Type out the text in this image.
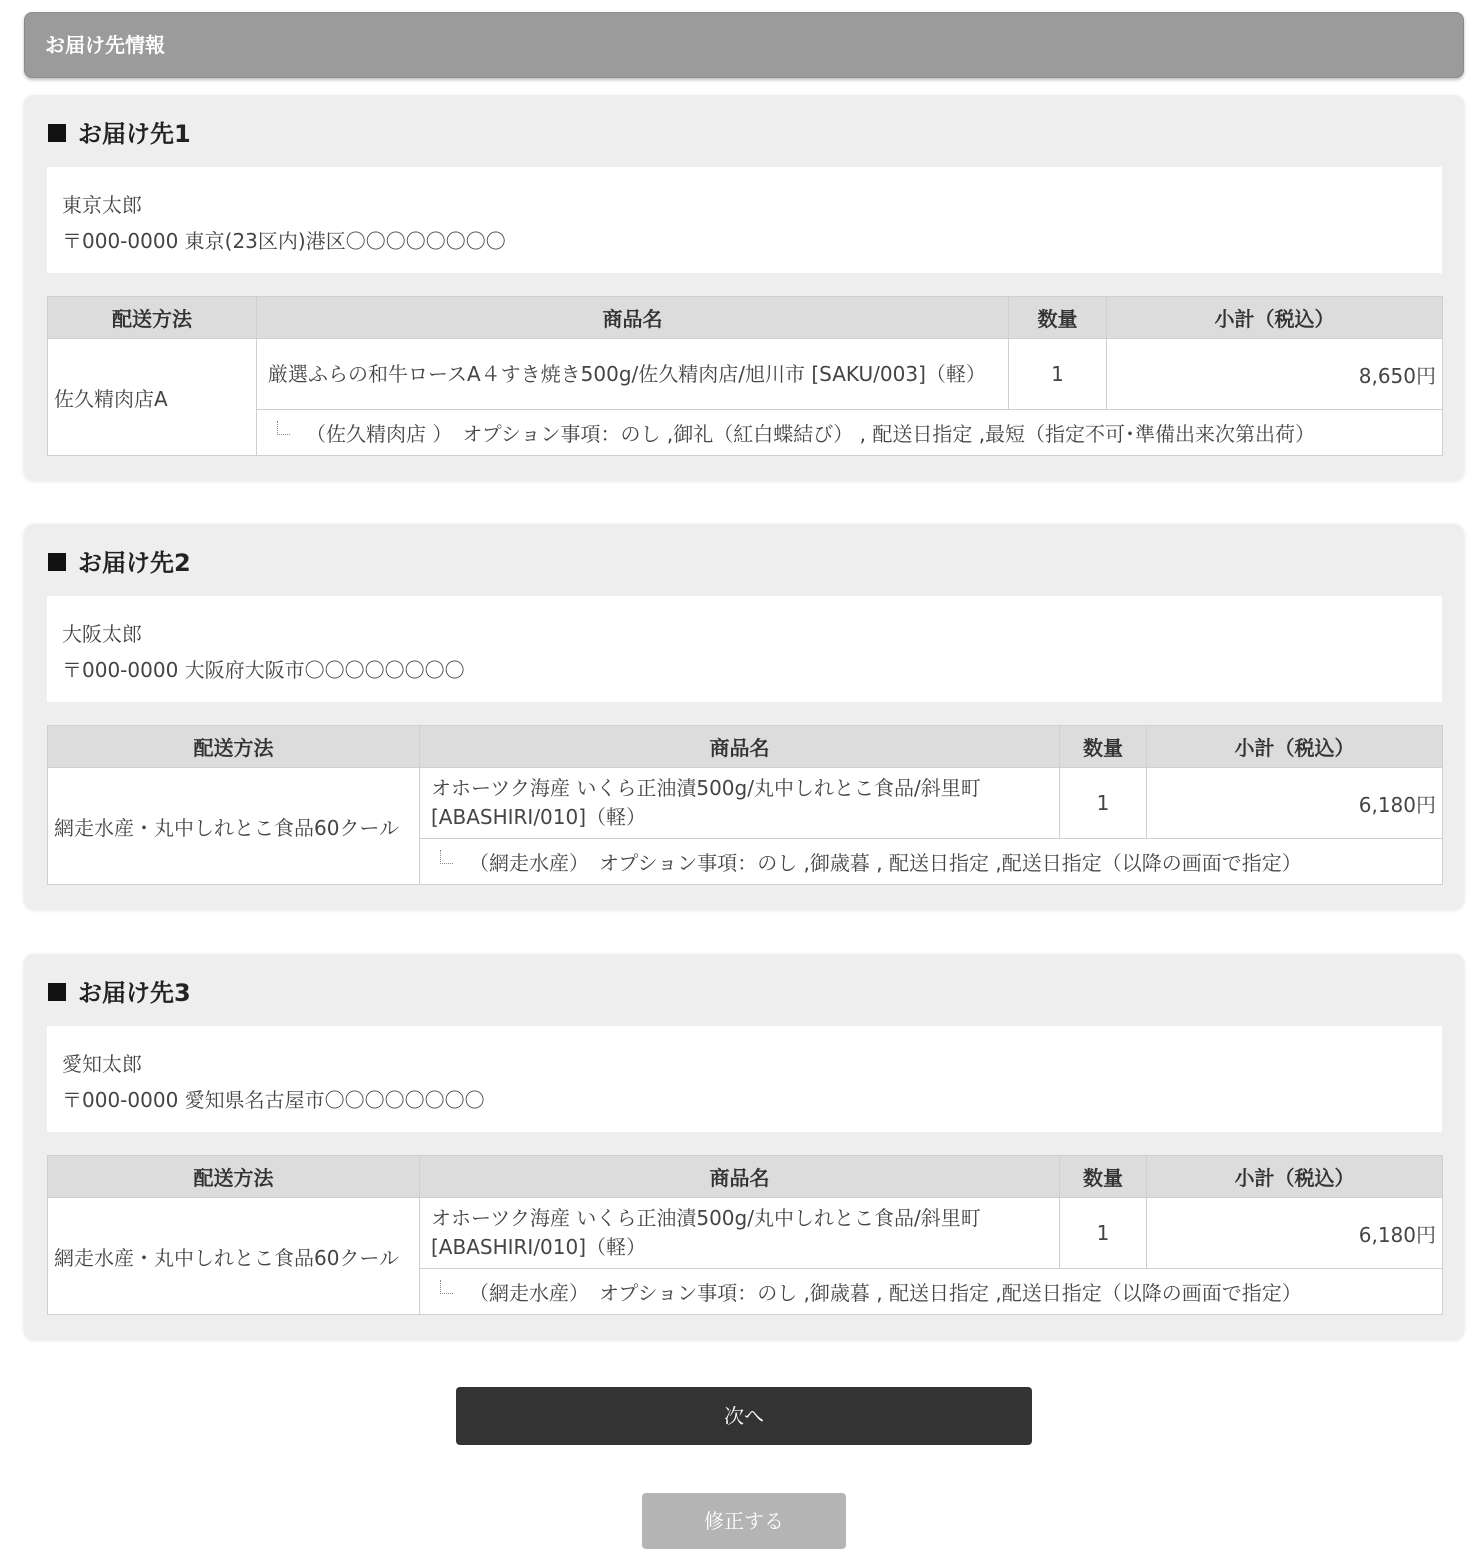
お届け先情報
お届け先1
東京太郎
〒000-0000 東京(23区内)港区〇〇〇〇〇〇〇〇
配送方法	商品名	数量	小計（税込）
佐久精肉店A	厳選ふらの和牛ロースA４すき焼き500g/佐久精肉店/旭川市 [SAKU/003]（軽）	1	8,650円
	（佐久精肉店 ）　オプション事項：のし ,御礼（紅白蝶結び） , 配送日指定 ,最短（指定不可･準備出来次第出荷）		
お届け先2
大阪太郎
〒000-0000 大阪府大阪市〇〇〇〇〇〇〇〇
配送方法	商品名	数量	小計（税込）
網走水産・丸中しれとこ食品60クール	オホーツク海産 いくら正油漬500g/丸中しれとこ食品/斜里町 [ABASHIRI/010]（軽）	1	6,180円
	（網走水産）　オプション事項：のし ,御歳暮 , 配送日指定 ,配送日指定（以降の画面で指定）		
お届け先3
愛知太郎
〒000-0000 愛知県名古屋市〇〇〇〇〇〇〇〇
配送方法	商品名	数量	小計（税込）
網走水産・丸中しれとこ食品60クール	オホーツク海産 いくら正油漬500g/丸中しれとこ食品/斜里町 [ABASHIRI/010]（軽）	1	6,180円
	（網走水産）　オプション事項：のし ,御歳暮 , 配送日指定 ,配送日指定（以降の画面で指定）		
次へ
修正する
